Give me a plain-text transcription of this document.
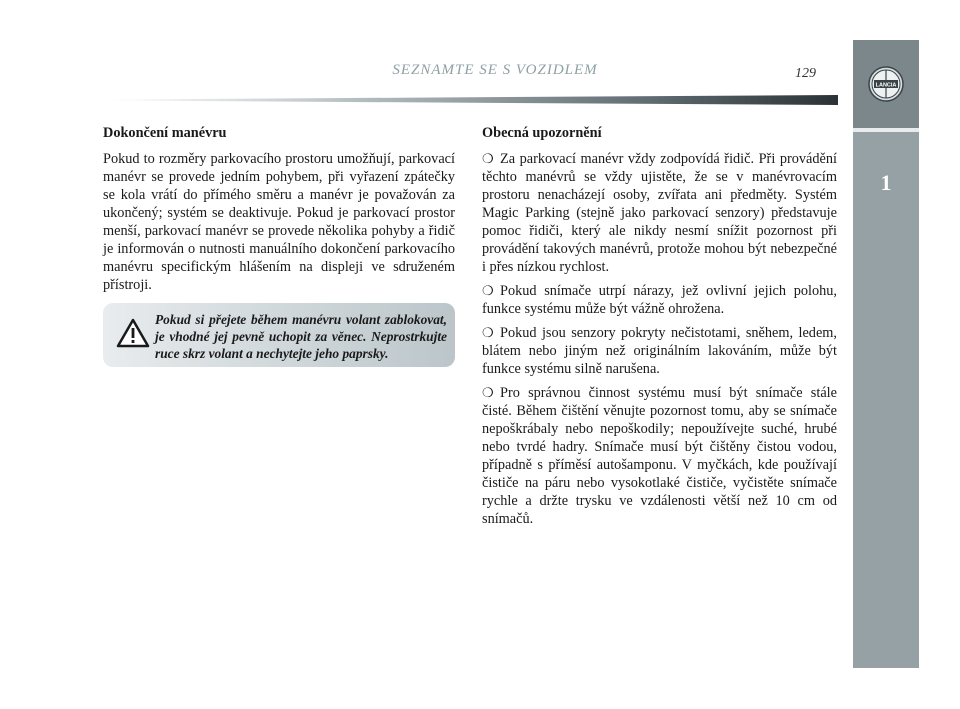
SEZNAMTE SE S VOZIDLEM	129
LANCIA
1
Dokončení manévru

Pokud to rozměry parkovacího prostoru umožňují, parkovací manévr se provede jedním pohybem, při vyřazení zpátečky se kola vrátí do přímého směru a manévr je považován za ukončený; systém se deaktivuje. Pokud je parkovací prostor menší, parkovací manévr se provede několika pohyby a řidič je informován o nutnosti manuálního dokončení parkovacího manévru specifickým hlášením na displeji ve sdruženém přístroji.

Pokud si přejete během manévru volant zablokovat, je vhodné jej pevně uchopit za věnec. Neprostrkujte ruce skrz volant a nechytejte jeho paprsky.
Obecná upozornění

❍ Za parkovací manévr vždy zodpovídá řidič. Při provádění těchto manévrů se vždy ujistěte, že se v manévrovacím prostoru nenacházejí osoby, zvířata ani předměty. Systém Magic Parking (stejně jako parkovací senzory) představuje pomoc řidiči, který ale nikdy nesmí snížit pozornost při provádění takových manévrů, protože mohou být nebezpečné i přes nízkou rychlost.

❍ Pokud snímače utrpí nárazy, jež ovlivní jejich polohu, funkce systému může být vážně ohrožena.

❍ Pokud jsou senzory pokryty nečistotami, sněhem, ledem, blátem nebo jiným než originálním lakováním, může být funkce systému silně narušena.

❍ Pro správnou činnost systému musí být snímače stále čisté. Během čištění věnujte pozornost tomu, aby se snímače nepoškrábaly nebo nepoškodily; nepoužívejte suché, hrubé nebo tvrdé hadry. Snímače musí být čištěny čistou vodou, případně s příměsí autošamponu. V myčkách, kde používají čističe na páru nebo vysokotlaké čističe, vyčistěte snímače rychle a držte trysku ve vzdálenosti větší než 10 cm od snímačů.
